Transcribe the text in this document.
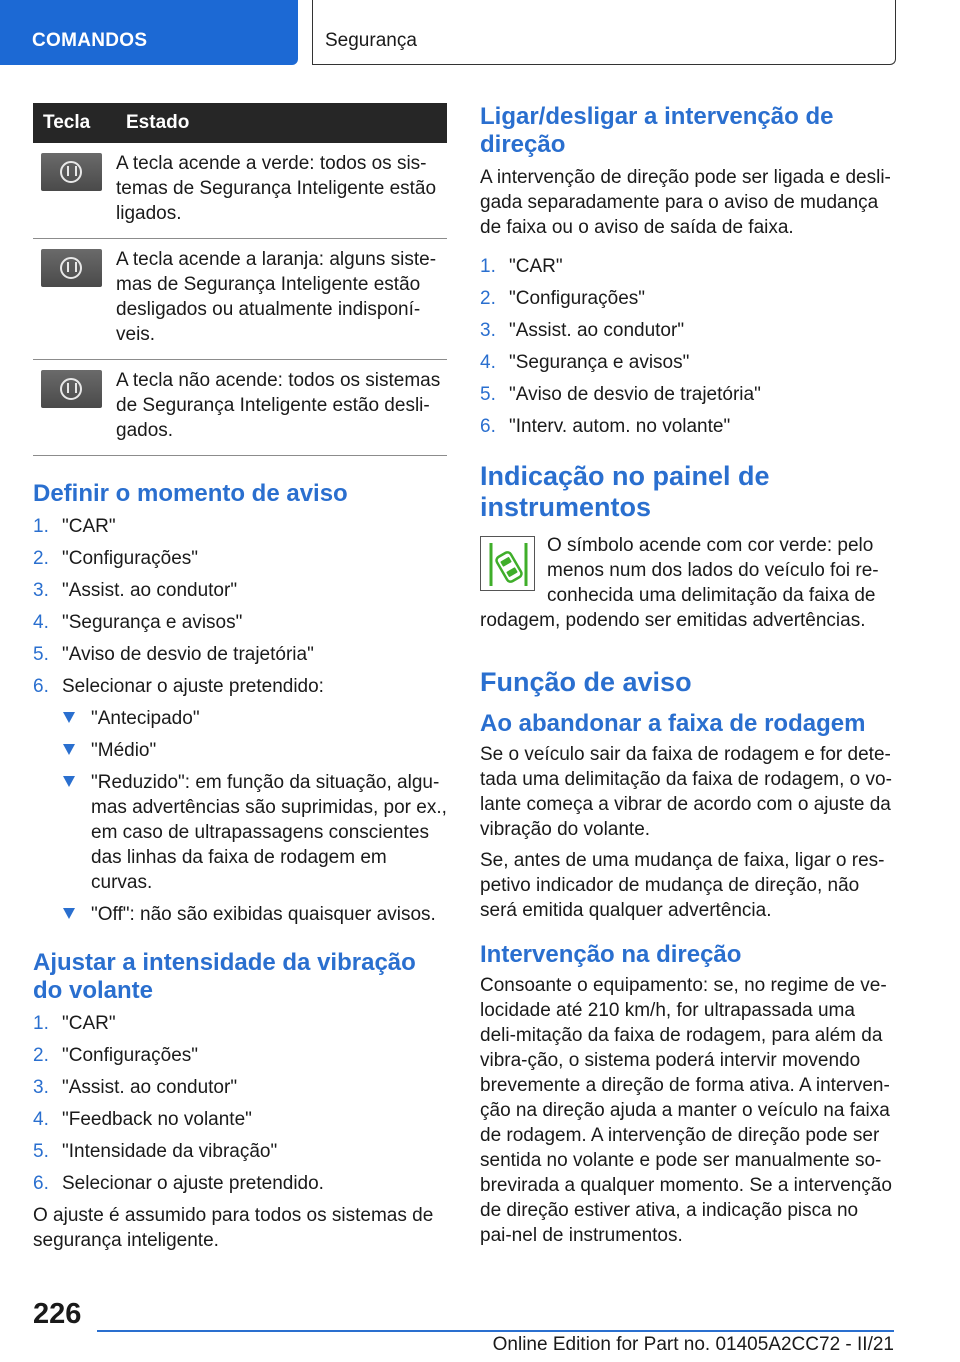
COMANDOS	Segurança
Tecla	Estado

	A tecla acende a verde: todos os sis-temas de Segurança Inteligente estão ligados.

	A tecla acende a laranja: alguns siste-mas de Segurança Inteligente estão desligados ou atualmente indisponí-veis.

	A tecla não acende: todos os sistemas de Segurança Inteligente estão desli-gados.
Definir o momento de aviso
1. "CAR"
2. "Configurações"
3. "Assist. ao condutor"
4. "Segurança e avisos"
5. "Aviso de desvio de trajetória"
6. Selecionar o ajuste pretendido:
"Antecipado"
"Médio"
"Reduzido": em função da situação, algu-mas advertências são suprimidas, por ex., em caso de ultrapassagens conscientes das linhas da faixa de rodagem em curvas.
"Off": não são exibidas quaisquer avisos.
Ajustar a intensidade da vibração do volante
1. "CAR"
2. "Configurações"
3. "Assist. ao condutor"
4. "Feedback no volante"
5. "Intensidade da vibração"
6. Selecionar o ajuste pretendido.

O ajuste é assumido para todos os sistemas de segurança inteligente.

Ligar/desligar a intervenção de direção

A intervenção de direção pode ser ligada e desli-gada separadamente para o aviso de mudança de faixa ou o aviso de saída de faixa.

1. "CAR"
2. "Configurações"
3. "Assist. ao condutor"
4. "Segurança e avisos"
5. "Aviso de desvio de trajetória"
6. "Interv. autom. no volante"
Indicação no painel de instrumentos

O símbolo acende com cor verde: pelo menos num dos lados do veículo foi re-conhecida uma delimitação da faixa de rodagem, podendo ser emitidas advertências.

Função de aviso
Ao abandonar a faixa de rodagem

Se o veículo sair da faixa de rodagem e for dete-tada uma delimitação da faixa de rodagem, o vo-lante começa a vibrar de acordo com o ajuste da vibração do volante.

Se, antes de uma mudança de faixa, ligar o res-petivo indicador de mudança de direção, não será emitida qualquer advertência.

Intervenção na direção

Consoante o equipamento: se, no regime de ve-locidade até 210 km/h, for ultrapassada uma deli-mitação da faixa de rodagem, para além da vibra-ção, o sistema poderá intervir movendo brevemente a direção de forma ativa. A interven-ção na direção ajuda a manter o veículo na faixa de rodagem. A intervenção de direção pode ser sentida no volante e pode ser manualmente so-brevirada a qualquer momento. Se a intervenção de direção estiver ativa, a indicação pisca no pai-nel de instrumentos.

226
Online Edition for Part no. 01405A2CC72 - II/21
